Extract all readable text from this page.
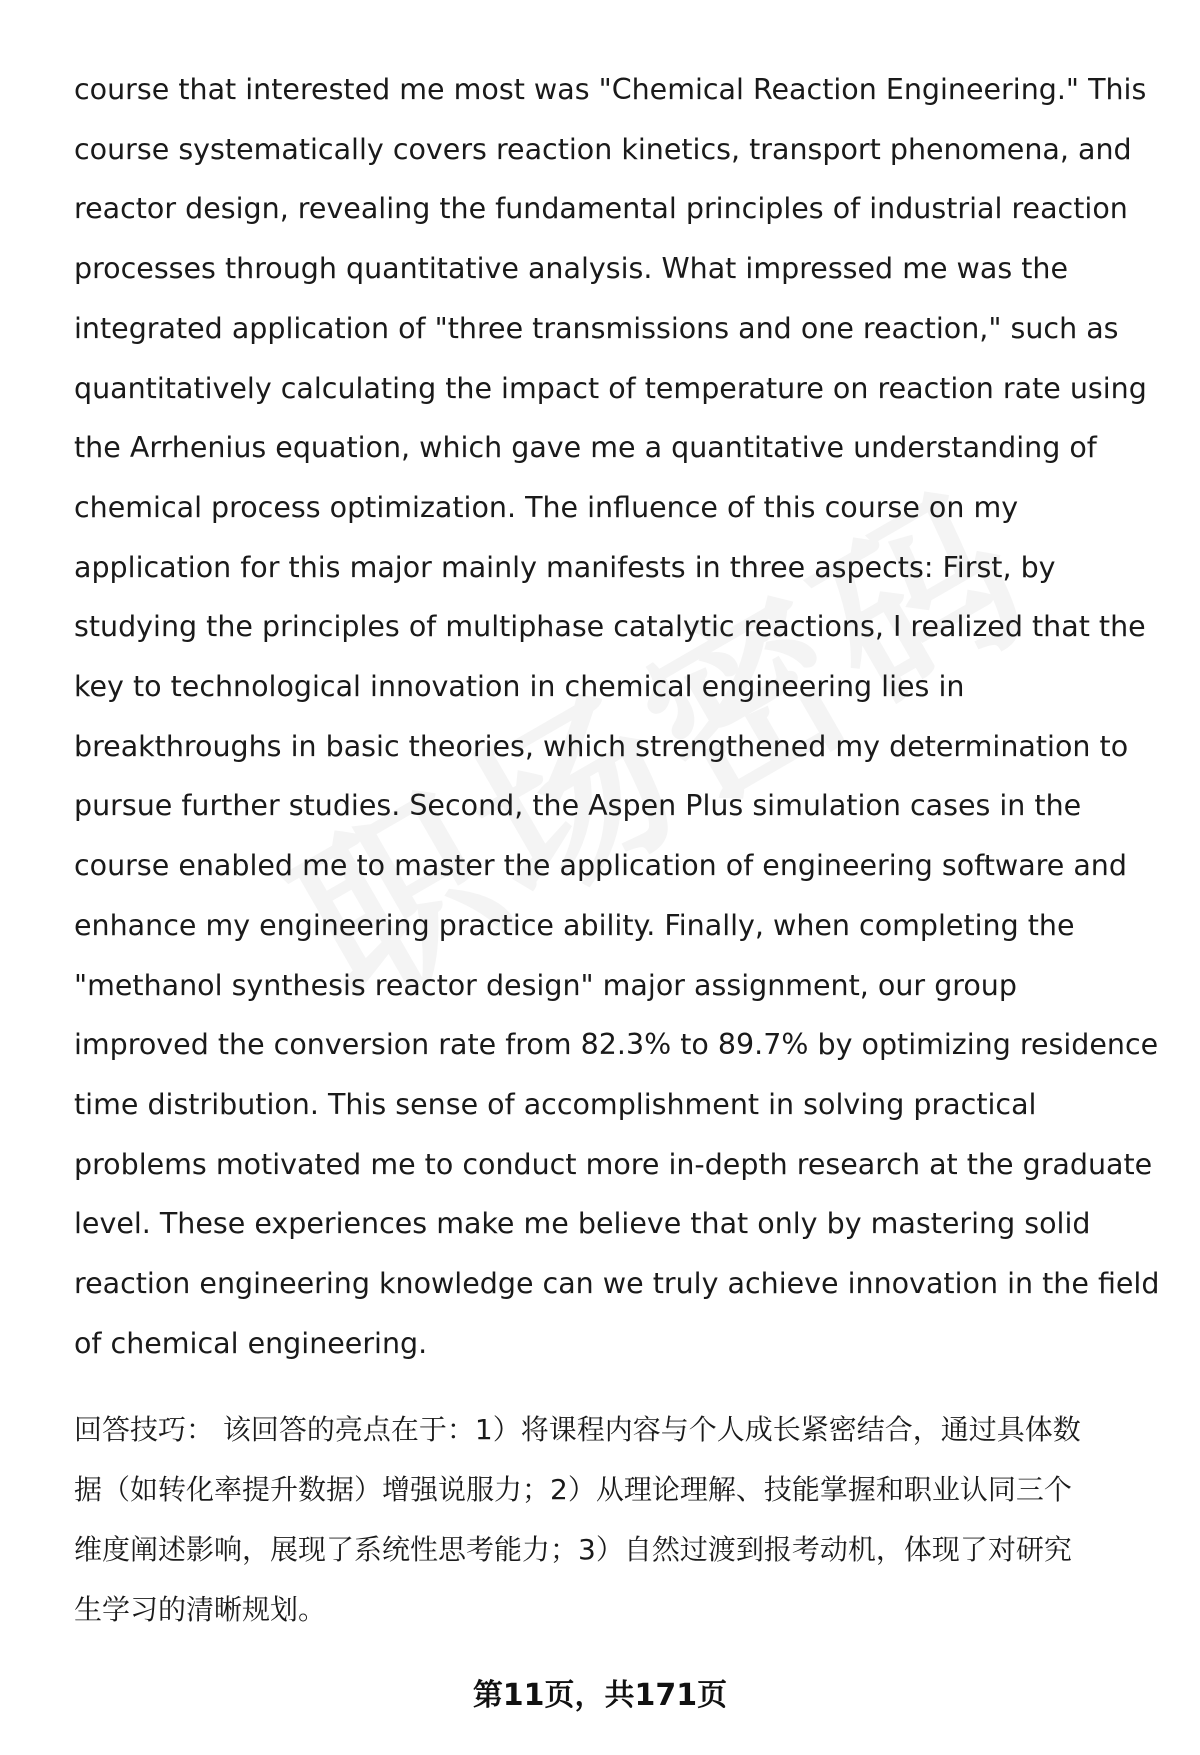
course that interested me most was "Chemical Reaction Engineering." This
course systematically covers reaction kinetics, transport phenomena, and
reactor design, revealing the fundamental principles of industrial reaction
processes through quantitative analysis. What impressed me was the
integrated application of "three transmissions and one reaction," such as
quantitatively calculating the impact of temperature on reaction rate using
the Arrhenius equation, which gave me a quantitative understanding of
chemical process optimization. The influence of this course on my
application for this major mainly manifests in three aspects: First, by
studying the principles of multiphase catalytic reactions, I realized that the
key to technological innovation in chemical engineering lies in
breakthroughs in basic theories, which strengthened my determination to
pursue further studies. Second, the Aspen Plus simulation cases in the
course enabled me to master the application of engineering software and
enhance my engineering practice ability. Finally, when completing the
"methanol synthesis reactor design" major assignment, our group
improved the conversion rate from 82.3% to 89.7% by optimizing residence
time distribution. This sense of accomplishment in solving practical
problems motivated me to conduct more in-depth research at the graduate
level. These experiences make me believe that only by mastering solid
reaction engineering knowledge can we truly achieve innovation in the field
of chemical engineering.
回答技巧： 该回答的亮点在于：1）将课程内容与个人成长紧密结合，通过具体数
据（如转化率提升数据）增强说服力；2）从理论理解、技能掌握和职业认同三个
维度阐述影响，展现了系统性思考能力；3）自然过渡到报考动机，体现了对研究
生学习的清晰规划。
第11页，共171页
